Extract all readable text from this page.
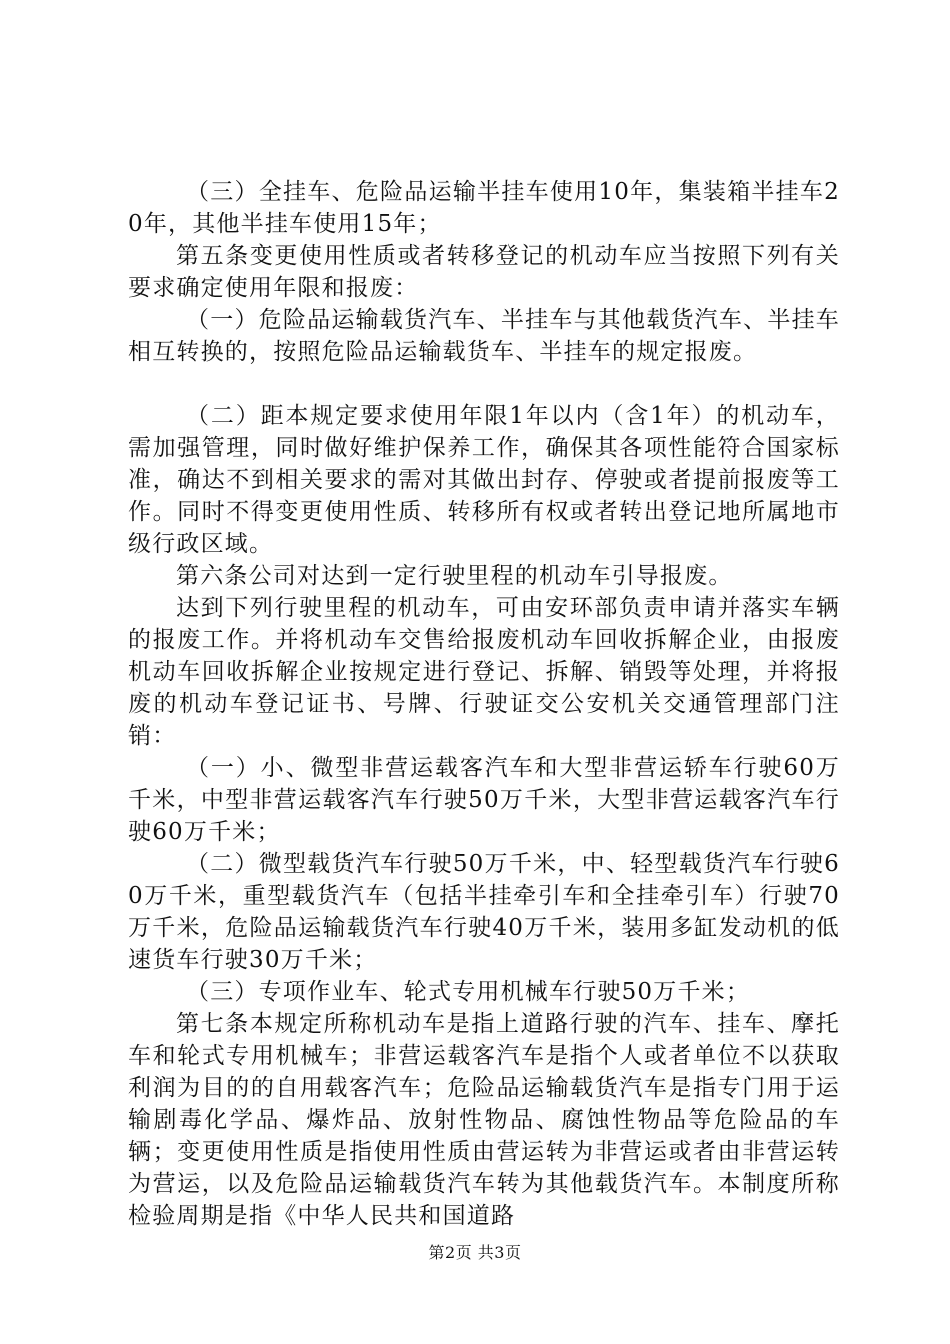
（三）全挂车、危险品运输半挂车使用10年，集装箱半挂车20年，其他半挂车使用15年；

第五条变更使用性质或者转移登记的机动车应当按照下列有关要求确定使用年限和报废：

（一）危险品运输载货汽车、半挂车与其他载货汽车、半挂车相互转换的，按照危险品运输载货车、半挂车的规定报废。

（二）距本规定要求使用年限1年以内（含1年）的机动车，需加强管理，同时做好维护保养工作，确保其各项性能符合国家标准，确达不到相关要求的需对其做出封存、停驶或者提前报废等工作。同时不得变更使用性质、转移所有权或者转出登记地所属地市级行政区域。

第六条公司对达到一定行驶里程的机动车引导报废。

达到下列行驶里程的机动车，可由安环部负责申请并落实车辆的报废工作。并将机动车交售给报废机动车回收拆解企业，由报废机动车回收拆解企业按规定进行登记、拆解、销毁等处理，并将报废的机动车登记证书、号牌、行驶证交公安机关交通管理部门注销：

（一）小、微型非营运载客汽车和大型非营运轿车行驶60万千米，中型非营运载客汽车行驶50万千米，大型非营运载客汽车行驶60万千米；

（二）微型载货汽车行驶50万千米，中、轻型载货汽车行驶60万千米，重型载货汽车（包括半挂牵引车和全挂牵引车）行驶70万千米，危险品运输载货汽车行驶40万千米，装用多缸发动机的低速货车行驶30万千米；

（三）专项作业车、轮式专用机械车行驶50万千米；

第七条本规定所称机动车是指上道路行驶的汽车、挂车、摩托车和轮式专用机械车；非营运载客汽车是指个人或者单位不以获取利润为目的的自用载客汽车；危险品运输载货汽车是指专门用于运输剧毒化学品、爆炸品、放射性物品、腐蚀性物品等危险品的车辆；变更使用性质是指使用性质由营运转为非营运或者由非营运转为营运，以及危险品运输载货汽车转为其他载货汽车。本制度所称检验周期是指《中华人民共和国道路

第2页 共3页
